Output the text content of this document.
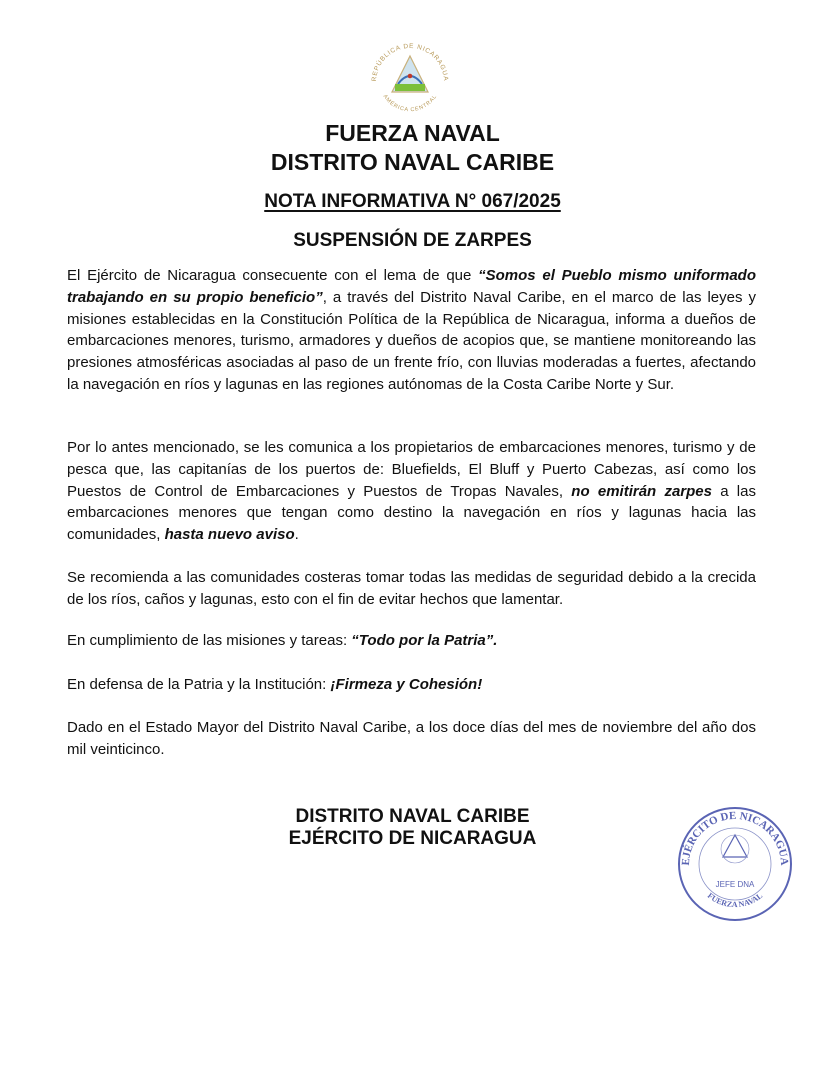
REPÚBLICA DE NICARAGUA
AMÉRICA CENTRAL
FUERZA NAVAL
DISTRITO NAVAL CARIBE
NOTA INFORMATIVA N° 067/2025
SUSPENSIÓN DE ZARPES

El Ejército de Nicaragua consecuente con el lema de que “Somos el Pueblo mismo uniformado trabajando en su propio beneficio”, a través del Distrito Naval Caribe, en el marco de las leyes y misiones establecidas en la Constitución Política de la República de Nicaragua, informa a dueños de embarcaciones menores, turismo, armadores y dueños de acopios que, se mantiene monitoreando las presiones atmosféricas asociadas al paso de un frente frío, con lluvias moderadas a fuertes, afectando la navegación en ríos y lagunas en las regiones autónomas de la Costa Caribe Norte y Sur.

Por lo antes mencionado, se les comunica a los propietarios de embarcaciones menores, turismo y de pesca que, las capitanías de los puertos de: Bluefields, El Bluff y Puerto Cabezas, así como los Puestos de Control de Embarcaciones y Puestos de Tropas Navales, no emitirán zarpes a las embarcaciones menores que tengan como destino la navegación en ríos y lagunas hacia las comunidades, hasta nuevo aviso.

Se recomienda a las comunidades costeras tomar todas las medidas de seguridad debido a la crecida de los ríos, caños y lagunas, esto con el fin de evitar hechos que lamentar.

En cumplimiento de las misiones y tareas: “Todo por la Patria”.

En defensa de la Patria y la Institución: ¡Firmeza y Cohesión!

Dado en el Estado Mayor del Distrito Naval Caribe, a los doce días del mes de noviembre del año dos mil veinticinco.

DISTRITO NAVAL CARIBE
EJÉRCITO DE NICARAGUA
EJÉRCITO DE NICARAGUA
FUERZA NAVAL
JEFE DNA
